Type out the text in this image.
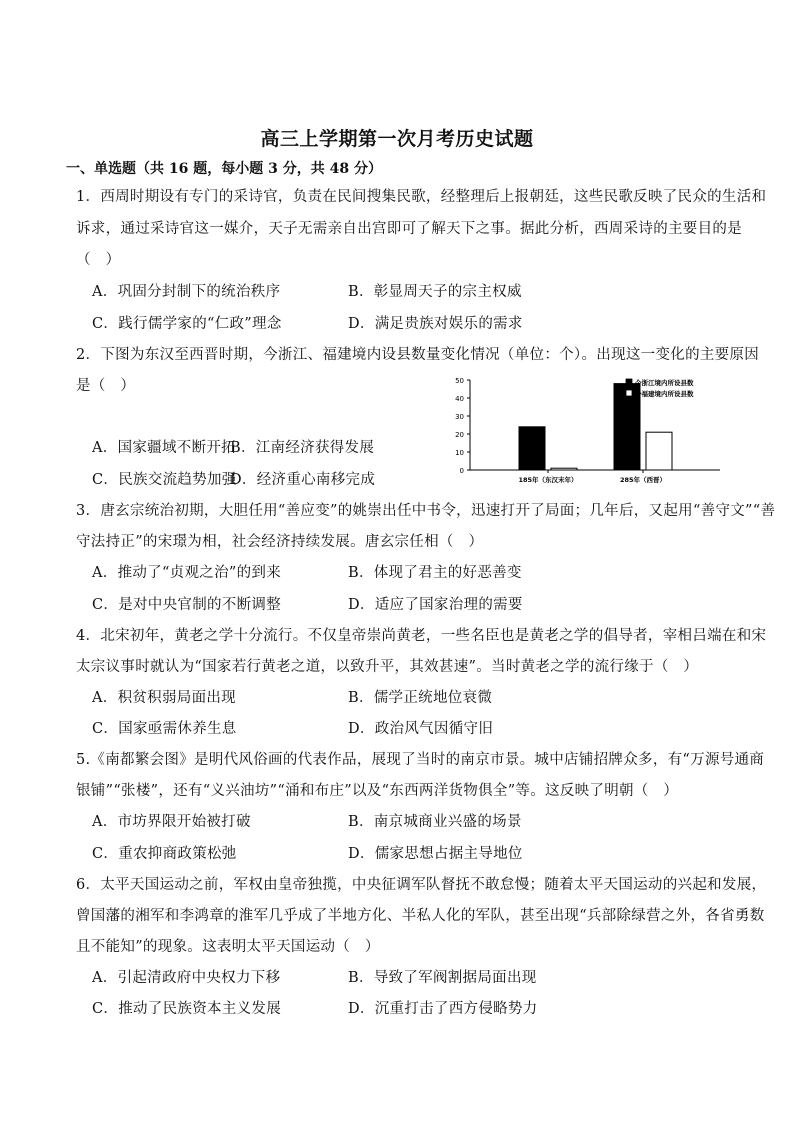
高三上学期第一次月考历史试题
一、单选题（共 16 题，每小题 3 分，共 48 分）
1．西周时期设有专门的采诗官，负责在民间搜集民歌，经整理后上报朝廷，这些民歌反映了民众的生活和
诉求，通过采诗官这一媒介，天子无需亲自出宫即可了解天下之事。据此分析，西周采诗的主要目的是
（　）
A．巩固分封制下的统治秩序	B．彰显周天子的宗主权威
C．践行儒学家的“仁政”理念	D．满足贵族对娱乐的需求
2．下图为东汉至西晋时期，今浙江、福建境内设县数量变化情况（单位：个）。出现这一变化的主要原因
是（　）
A．国家疆域不断开拓
B．江南经济获得发展
C．民族交流趋势加强
D．经济重心南移完成
0
10
20
30
40
50
185年（东汉末年）	285年（西晋）
今浙江境内所设县数
今福建境内所设县数
3．唐玄宗统治初期，大胆任用“善应变”的姚崇出任中书令，迅速打开了局面；几年后，又起用“善守文”“善
守法持正”的宋璟为相，社会经济持续发展。唐玄宗任相（　）
A．推动了“贞观之治”的到来	B．体现了君主的好恶善变
C．是对中央官制的不断调整	D．适应了国家治理的需要
4．北宋初年，黄老之学十分流行。不仅皇帝崇尚黄老，一些名臣也是黄老之学的倡导者，宰相吕端在和宋
太宗议事时就认为“国家若行黄老之道，以致升平，其效甚速”。当时黄老之学的流行缘于（　）
A．积贫积弱局面出现	B．儒学正统地位衰微
C．国家亟需休养生息	D．政治风气因循守旧
5.《南都繁会图》是明代风俗画的代表作品，展现了当时的南京市景。城中店铺招牌众多，有“万源号通商
银铺”“张楼”，还有“义兴油坊”“涌和布庄”以及“东西两洋货物俱全”等。这反映了明朝（　）
A．市坊界限开始被打破	B．南京城商业兴盛的场景
C．重农抑商政策松弛	D．儒家思想占据主导地位
6．太平天国运动之前，军权由皇帝独揽，中央征调军队督抚不敢怠慢；随着太平天国运动的兴起和发展，
曾国藩的湘军和李鸿章的淮军几乎成了半地方化、半私人化的军队，甚至出现“兵部除绿营之外，各省勇数
且不能知”的现象。这表明太平天国运动（　）
A．引起清政府中央权力下移	B．导致了军阀割据局面出现
C．推动了民族资本主义发展	D．沉重打击了西方侵略势力
